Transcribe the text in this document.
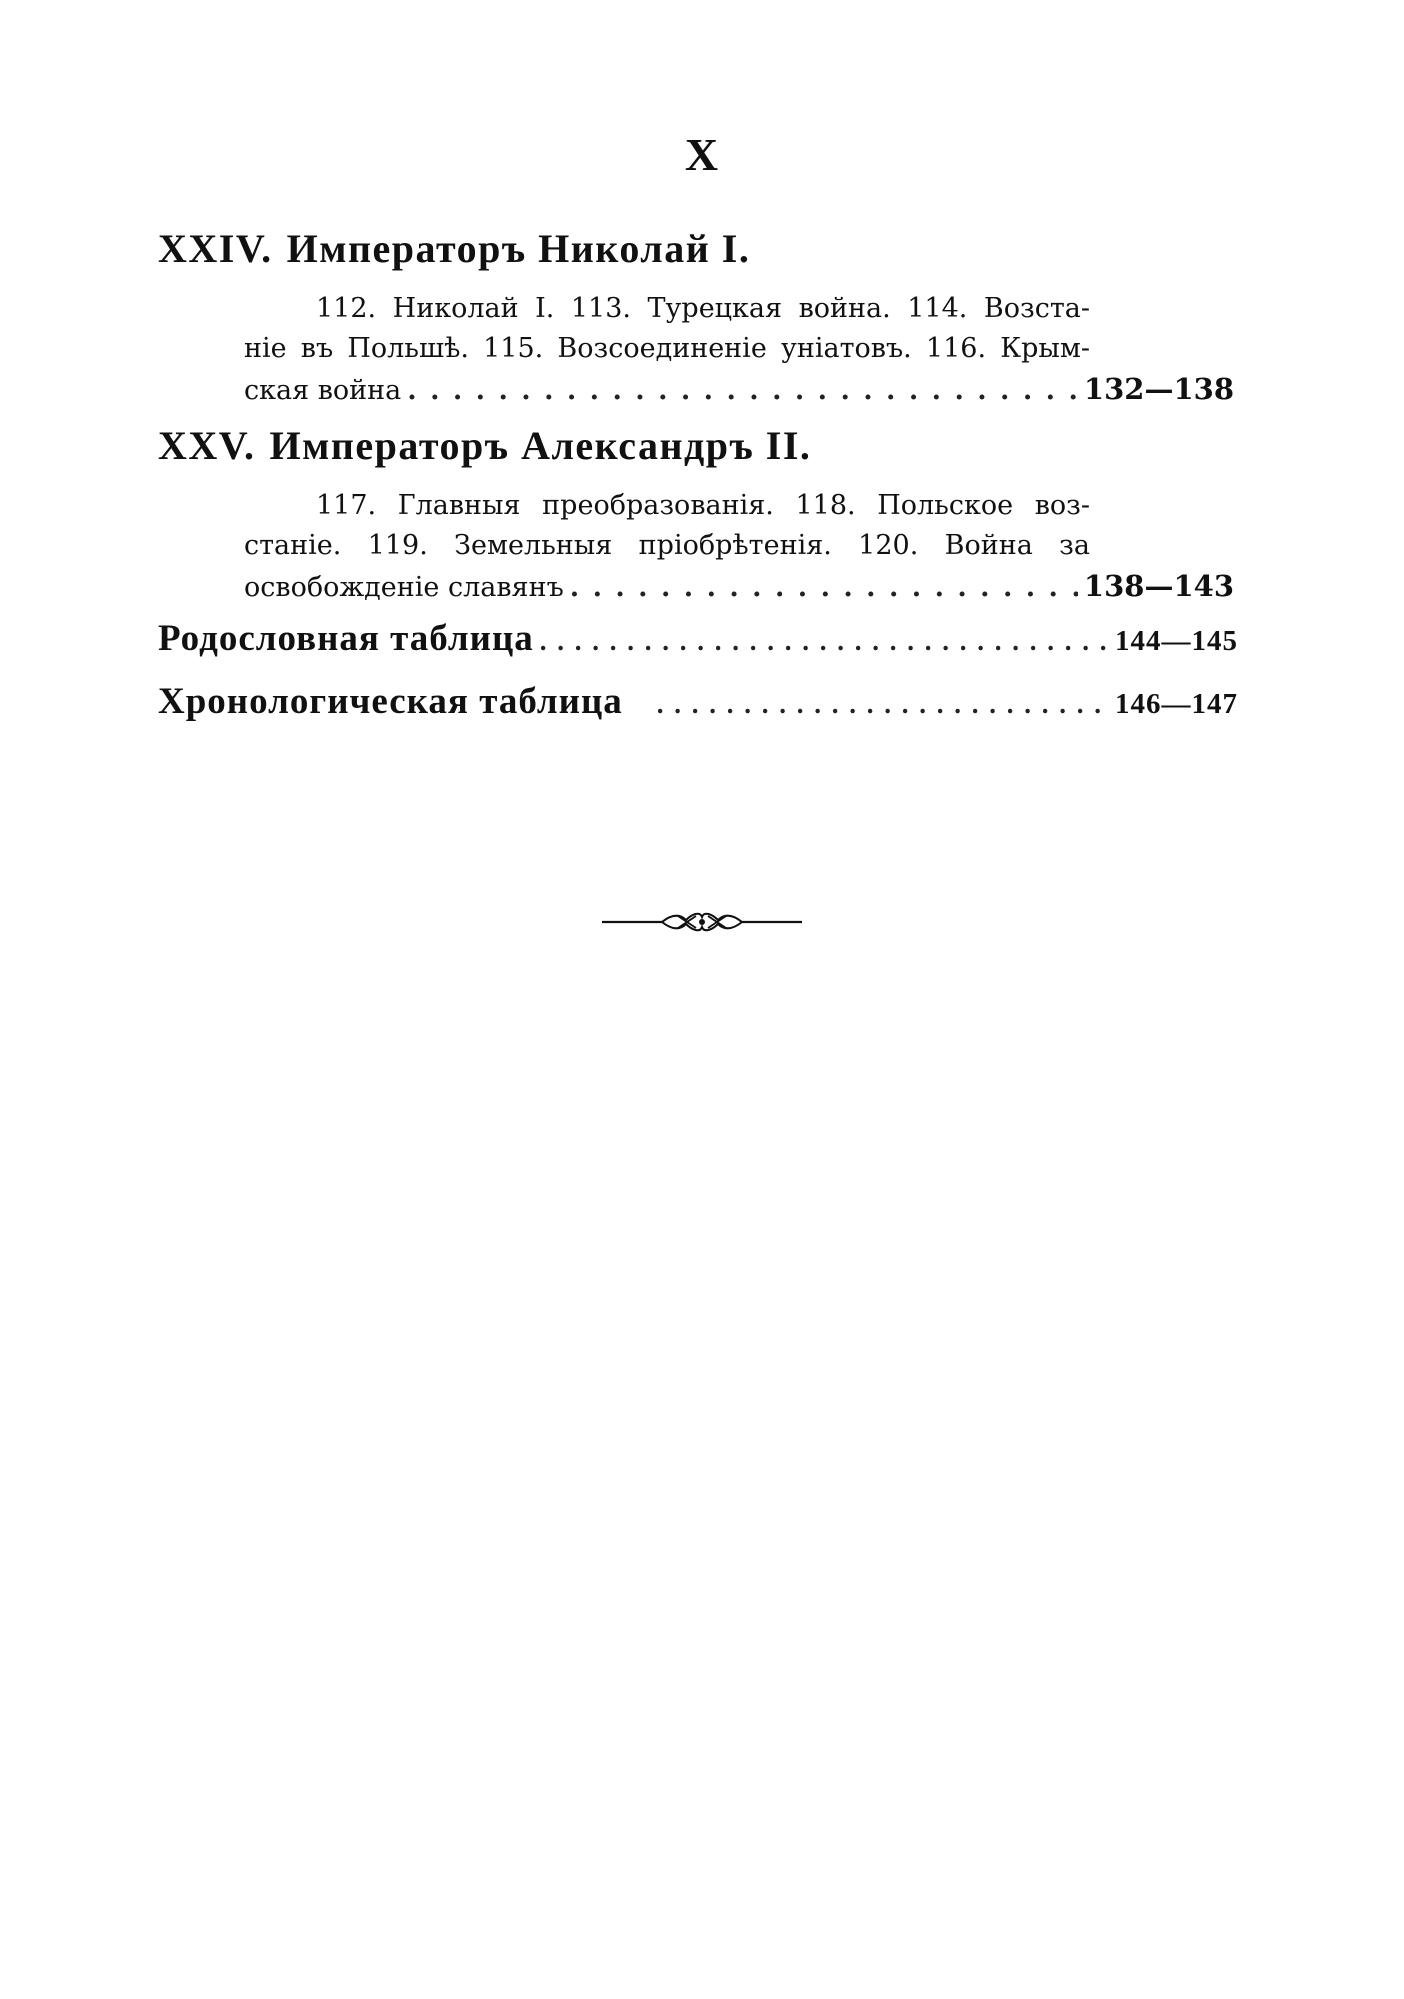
X
XXIV. Императоръ Николай I.
112. Николай I. 113. Турецкая война. 114. Возста-
ніе въ Польшѣ. 115. Возсоединеніе уніатовъ. 116. Крым-
ская война . . .	132—138
XXV. Императоръ Александръ II.
117. Главныя преобразованія. 118. Польское воз-
станіе. 119. Земельныя пріобрѣтенія. 120. Война за
освобожденіе славянъ . . .	138—143
Родословная таблица . . .	144—145
Хронологическая таблица . . .	146—147
